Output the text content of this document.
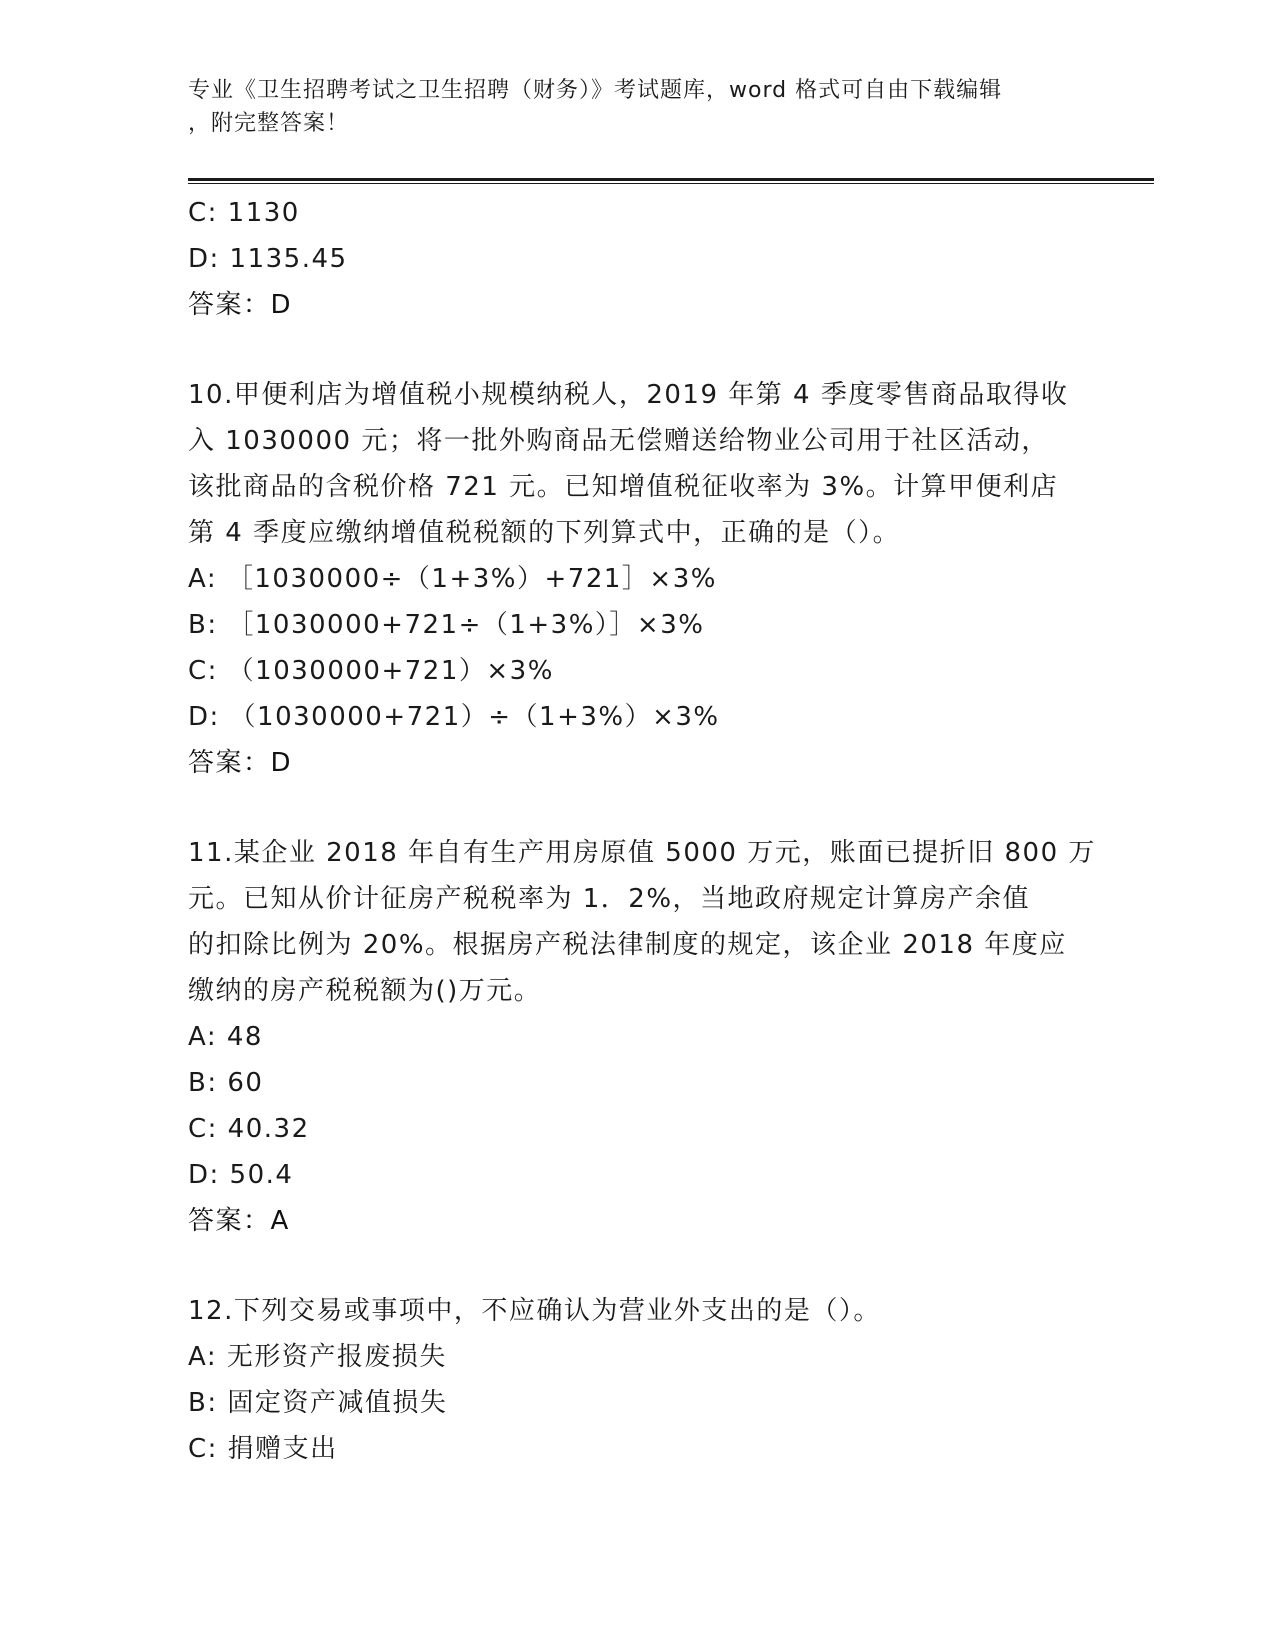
专业《卫生招聘考试之卫生招聘（财务）》考试题库，word 格式可自由下载编辑
，附完整答案！
C: 1130
D: 1135.45
答案：D
10.甲便利店为增值税小规模纳税人，2019 年第 4 季度零售商品取得收
入 1030000 元；将一批外购商品无偿赠送给物业公司用于社区活动，
该批商品的含税价格 721 元。已知增值税征收率为 3%。计算甲便利店
第 4 季度应缴纳增值税税额的下列算式中，正确的是（）。
A: ［1030000÷（1+3%）+721］×3%
B: ［1030000+721÷（1+3%）］×3%
C: （1030000+721）×3%
D: （1030000+721）÷（1+3%）×3%
答案：D
11.某企业 2018 年自有生产用房原值 5000 万元，账面已提折旧 800 万
元。已知从价计征房产税税率为 1．2%，当地政府规定计算房产余值
的扣除比例为 20%。根据房产税法律制度的规定，该企业 2018 年度应
缴纳的房产税税额为()万元。
A: 48
B: 60
C: 40.32
D: 50.4
答案：A
12.下列交易或事项中，不应确认为营业外支出的是（）。
A: 无形资产报废损失
B: 固定资产减值损失
C: 捐赠支出
